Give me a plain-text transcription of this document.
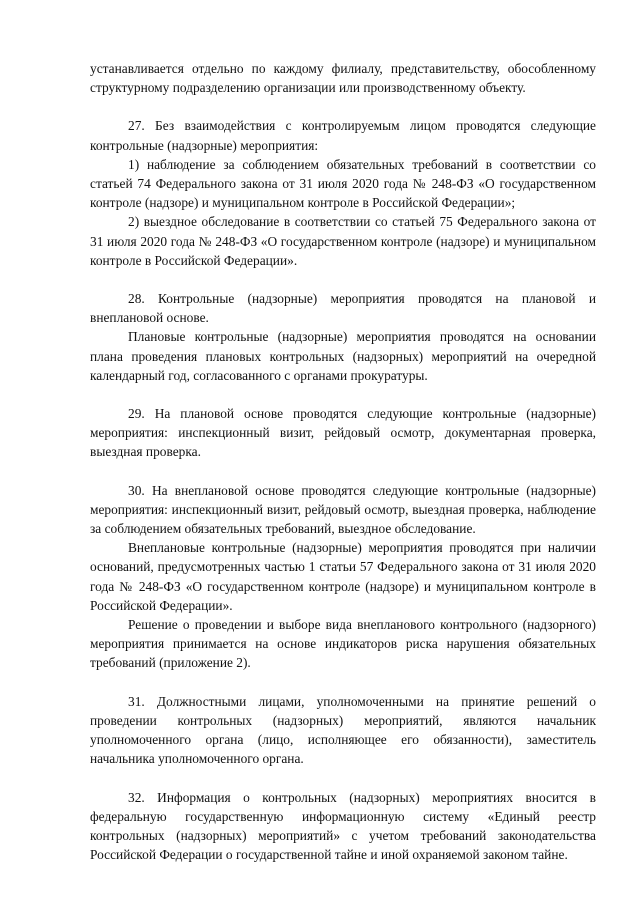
устанавливается отдельно по каждому филиалу, представительству, обособленному структурному подразделению организации или производственному объекту.

27. Без взаимодействия с контролируемым лицом проводятся следующие контрольные (надзорные) мероприятия:

1) наблюдение за соблюдением обязательных требований в соответствии со статьей 74 Федерального закона от 31 июля 2020 года № 248-ФЗ «О государственном контроле (надзоре) и муниципальном контроле в Российской Федерации»;

2) выездное обследование в соответствии со статьей 75 Федерального закона от 31 июля 2020 года № 248-ФЗ «О государственном контроле (надзоре) и муниципальном контроле в Российской Федерации».

28. Контрольные (надзорные) мероприятия проводятся на плановой и внеплановой основе.

Плановые контрольные (надзорные) мероприятия проводятся на основании плана проведения плановых контрольных (надзорных) мероприятий на очередной календарный год, согласованного с органами прокуратуры.

29. На плановой основе проводятся следующие контрольные (надзорные) мероприятия: инспекционный визит, рейдовый осмотр, документарная проверка, выездная проверка.

30. На внеплановой основе проводятся следующие контрольные (надзорные) мероприятия: инспекционный визит, рейдовый осмотр, выездная проверка, наблюдение за соблюдением обязательных требований, выездное обследование.

Внеплановые контрольные (надзорные) мероприятия проводятся при наличии оснований, предусмотренных частью 1 статьи 57 Федерального закона от 31 июля 2020 года № 248-ФЗ «О государственном контроле (надзоре) и муниципальном контроле в Российской Федерации».

Решение о проведении и выборе вида внепланового контрольного (надзорного) мероприятия принимается на основе индикаторов риска нарушения обязательных требований (приложение 2).

31. Должностными лицами, уполномоченными на принятие решений о проведении контрольных (надзорных) мероприятий, являются начальник уполномоченного органа (лицо, исполняющее его обязанности), заместитель начальника уполномоченного органа.

32. Информация о контрольных (надзорных) мероприятиях вносится в федеральную государственную информационную систему «Единый реестр контрольных (надзорных) мероприятий» с учетом требований законодательства Российской Федерации о государственной тайне и иной охраняемой законом тайне.
